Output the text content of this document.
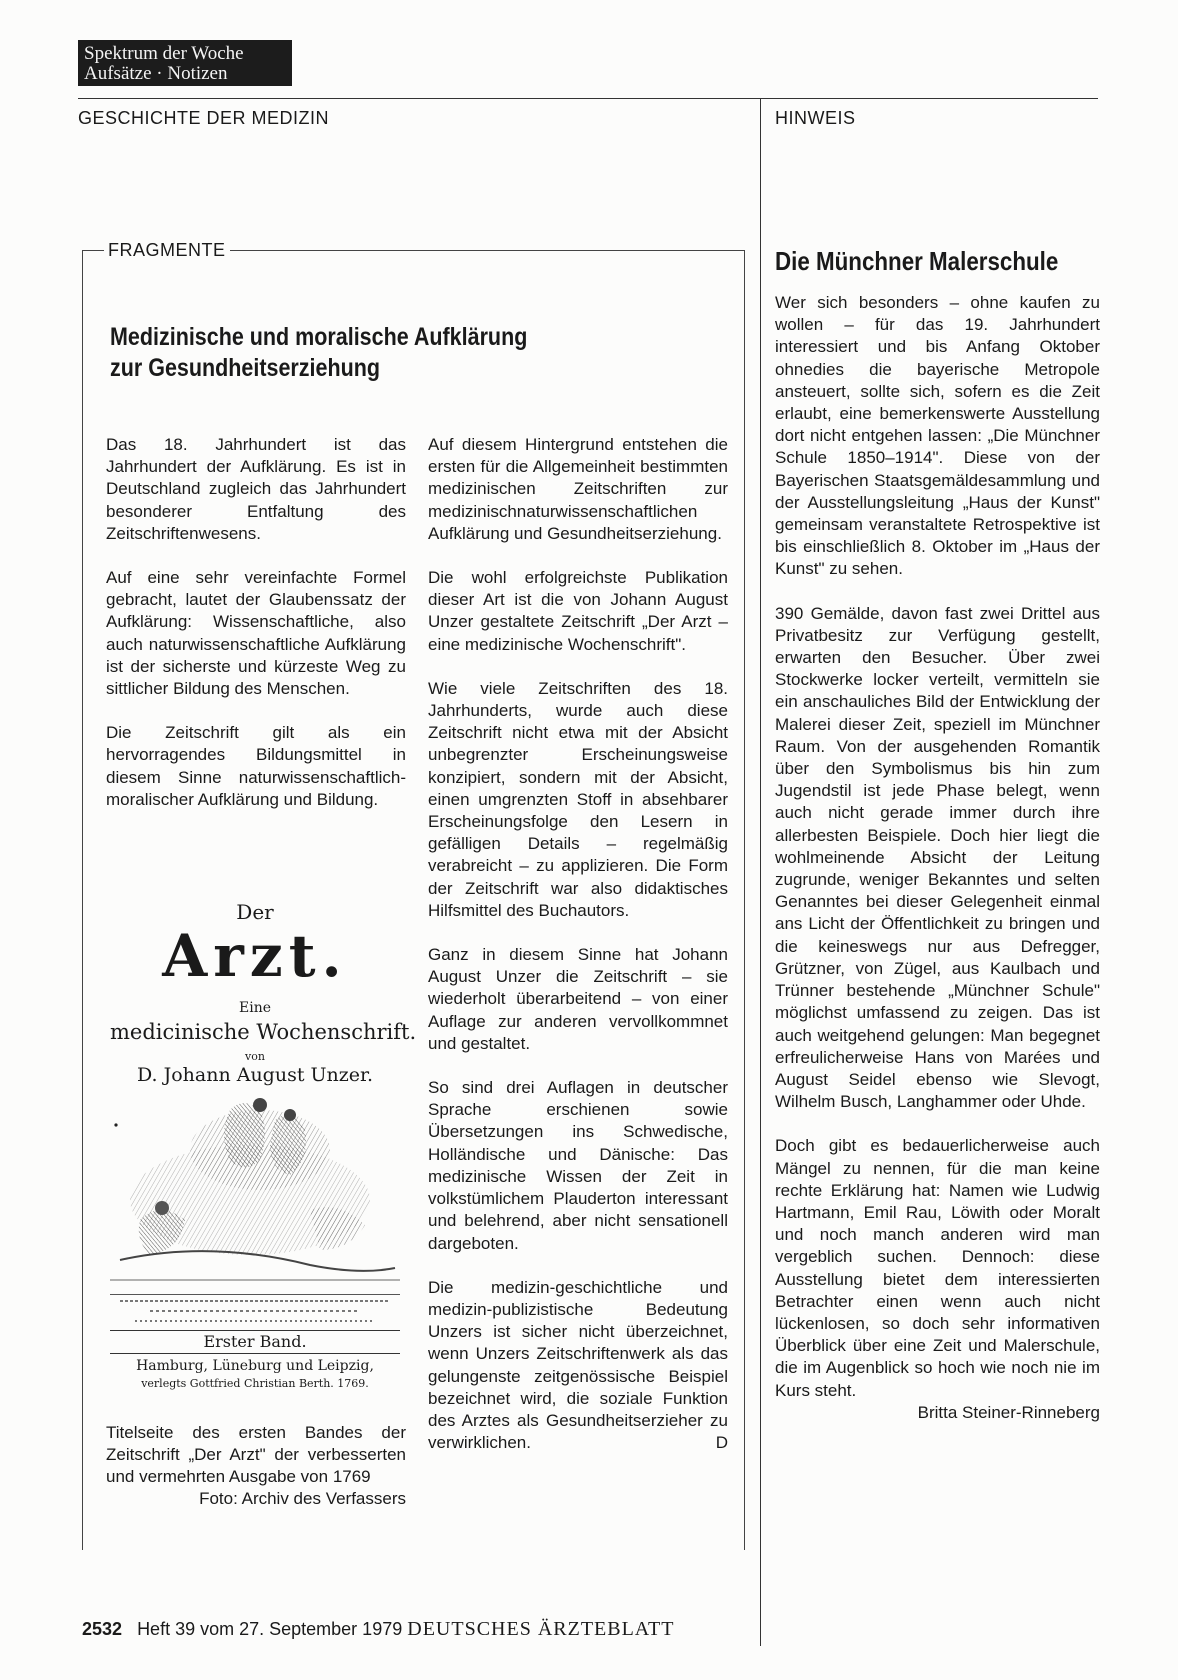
Spektrum der Woche
Aufsätze · Notizen
GESCHICHTE DER MEDIZIN	HINWEIS
FRAGMENTE
Medizinische und moralische Aufklärung
zur Gesundheitserziehung

Das 18. Jahrhundert ist das Jahrhundert der Aufklärung. Es ist in Deutschland zugleich das Jahrhundert besonderer Entfaltung des Zeitschriftenwesens.

Auf eine sehr vereinfachte Formel gebracht, lautet der Glaubenssatz der Aufklärung: Wissenschaftliche, also auch naturwissenschaftliche Aufklärung ist der sicherste und kürzeste Weg zu sittlicher Bildung des Menschen.

Die Zeitschrift gilt als ein hervorragendes Bildungsmittel in diesem Sinne naturwissenschaftlich-moralischer Aufklärung und Bildung.

Der
Arzt.
Eine
medicinische Wochenschrift.
von
D. Johann August Unzer.
Erster Band.
Hamburg, Lüneburg und Leipzig,
verlegts Gottfried Christian Berth. 1769.
Titelseite des ersten Bandes der Zeitschrift „Der Arzt" der verbesserten und vermehrten Ausgabe von 1769
Foto: Archiv des Verfassers

Auf diesem Hintergrund entstehen die ersten für die Allgemeinheit bestimmten medizinischen Zeitschriften zur medizinischnaturwissenschaftlichen Aufklärung und Gesundheitserziehung.

Die wohl erfolgreichste Publikation dieser Art ist die von Johann August Unzer gestaltete Zeitschrift „Der Arzt – eine medizinische Wochenschrift".

Wie viele Zeitschriften des 18. Jahrhunderts, wurde auch diese Zeitschrift nicht etwa mit der Absicht unbegrenzter Erscheinungsweise konzipiert, sondern mit der Absicht, einen umgrenzten Stoff in absehbarer Erscheinungsfolge den Lesern in gefälligen Details – regelmäßig verabreicht – zu applizieren. Die Form der Zeitschrift war also didaktisches Hilfsmittel des Buchautors.

Ganz in diesem Sinne hat Johann August Unzer die Zeitschrift – sie wiederholt überarbeitend – von einer Auflage zur anderen vervollkommnet und gestaltet.

So sind drei Auflagen in deutscher Sprache erschienen sowie Übersetzungen ins Schwedische, Holländische und Dänische: Das medizinische Wissen der Zeit in volkstümlichem Plauderton interessant und belehrend, aber nicht sensationell dargeboten.

Die medizin-geschichtliche und medizin-publizistische Bedeutung Unzers ist sicher nicht überzeichnet, wenn Unzers Zeitschriftenwerk als das gelungenste zeitgenössische Beispiel bezeichnet wird, die soziale Funktion des Arztes als Gesundheitserzieher zu verwirklichen.	D
Die Münchner Malerschule

Wer sich besonders – ohne kaufen zu wollen – für das 19. Jahrhundert interessiert und bis Anfang Oktober ohnedies die bayerische Metropole ansteuert, sollte sich, sofern es die Zeit erlaubt, eine bemerkenswerte Ausstellung dort nicht entgehen lassen: „Die Münchner Schule 1850–1914". Diese von der Bayerischen Staatsgemäldesammlung und der Ausstellungsleitung „Haus der Kunst" gemeinsam veranstaltete Retrospektive ist bis einschließlich 8. Oktober im „Haus der Kunst" zu sehen.

390 Gemälde, davon fast zwei Drittel aus Privatbesitz zur Verfügung gestellt, erwarten den Besucher. Über zwei Stockwerke locker verteilt, vermitteln sie ein anschauliches Bild der Entwicklung der Malerei dieser Zeit, speziell im Münchner Raum. Von der ausgehenden Romantik über den Symbolismus bis hin zum Jugendstil ist jede Phase belegt, wenn auch nicht gerade immer durch ihre allerbesten Beispiele. Doch hier liegt die wohlmeinende Absicht der Leitung zugrunde, weniger Bekanntes und selten Genanntes bei dieser Gelegenheit einmal ans Licht der Öffentlichkeit zu bringen und die keineswegs nur aus Defregger, Grützner, von Zügel, aus Kaulbach und Trünner bestehende „Münchner Schule" möglichst umfassend zu zeigen. Das ist auch weitgehend gelungen: Man begegnet erfreulicherweise Hans von Marées und August Seidel ebenso wie Slevogt, Wilhelm Busch, Langhammer oder Uhde.

Doch gibt es bedauerlicherweise auch Mängel zu nennen, für die man keine rechte Erklärung hat: Namen wie Ludwig Hartmann, Emil Rau, Löwith oder Moralt und noch manch anderen wird man vergeblich suchen. Dennoch: diese Ausstellung bietet dem interessierten Betrachter einen wenn auch nicht lückenlosen, so doch sehr informativen Überblick über eine Zeit und Malerschule, die im Augenblick so hoch wie noch nie im Kurs steht.

Britta Steiner-Rinneberg
2532 Heft 39 vom 27. September 1979 DEUTSCHES ÄRZTEBLATT
